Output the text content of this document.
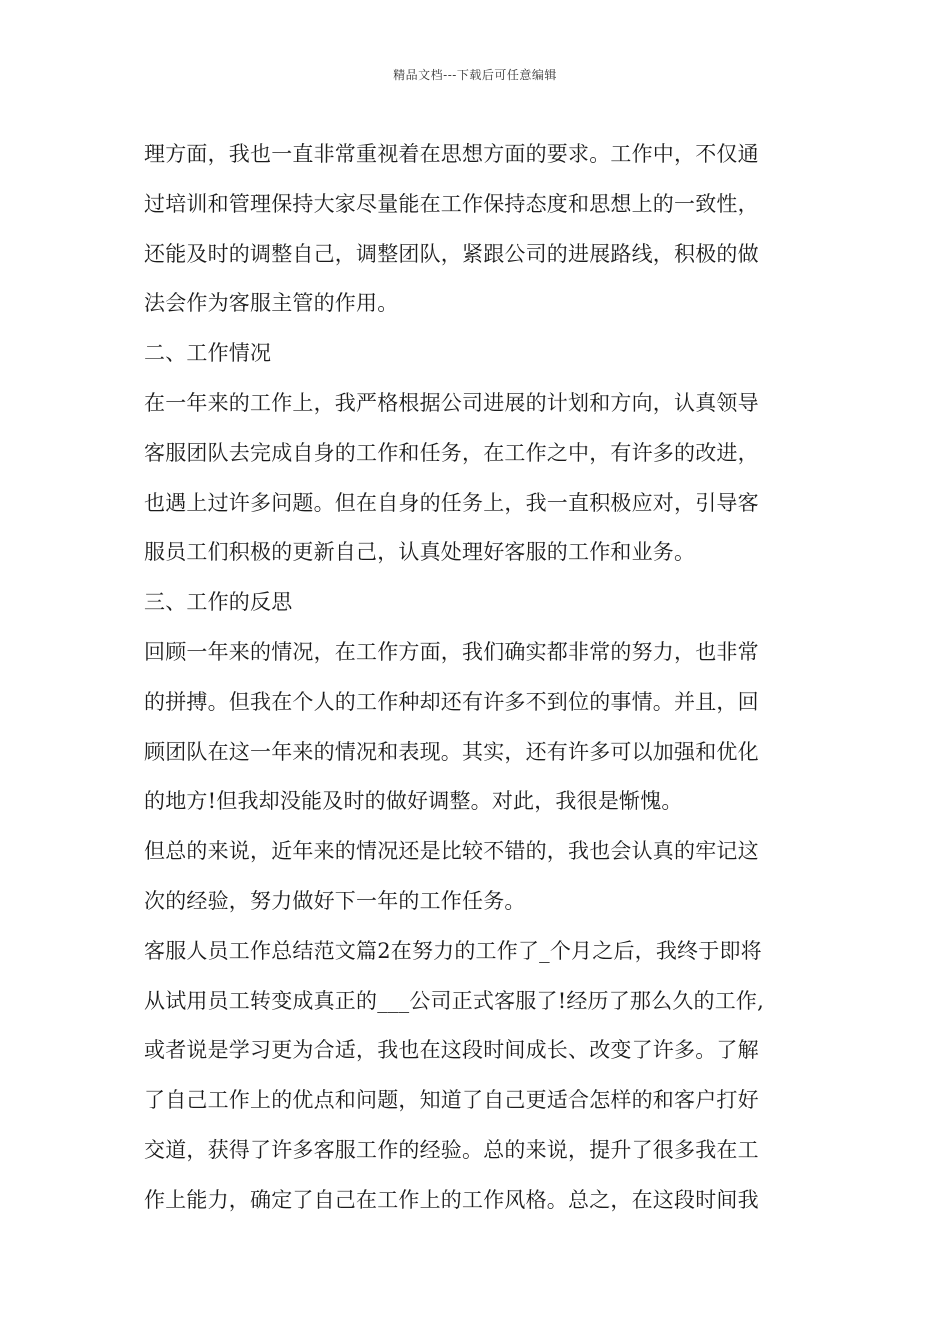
精品文档---下载后可任意编辑
理方面，我也一直非常重视着在思想方面的要求。工作中，不仅通
过培训和管理保持大家尽量能在工作保持态度和思想上的一致性，
还能及时的调整自己，调整团队，紧跟公司的进展路线，积极的做
法会作为客服主管的作用。
二、工作情况
在一年来的工作上，我严格根据公司进展的计划和方向，认真领导
客服团队去完成自身的工作和任务，在工作之中，有许多的改进，
也遇上过许多问题。但在自身的任务上，我一直积极应对，引导客
服员工们积极的更新自己，认真处理好客服的工作和业务。
三、工作的反思
回顾一年来的情况，在工作方面，我们确实都非常的努力，也非常
的拼搏。但我在个人的工作种却还有许多不到位的事情。并且，回
顾团队在这一年来的情况和表现。其实，还有许多可以加强和优化
的地方!但我却没能及时的做好调整。对此，我很是惭愧。
但总的来说，近年来的情况还是比较不错的，我也会认真的牢记这
次的经验，努力做好下一年的工作任务。
客服人员工作总结范文篇2在努力的工作了_个月之后，我终于即将
从试用员工转变成真正的___公司正式客服了!经历了那么久的工作,
或者说是学习更为合适，我也在这段时间成长、改变了许多。了解
了自己工作上的优点和问题，知道了自己更适合怎样的和客户打好
交道，获得了许多客服工作的经验。总的来说，提升了很多我在工
作上能力，确定了自己在工作上的工作风格。总之，在这段时间我
